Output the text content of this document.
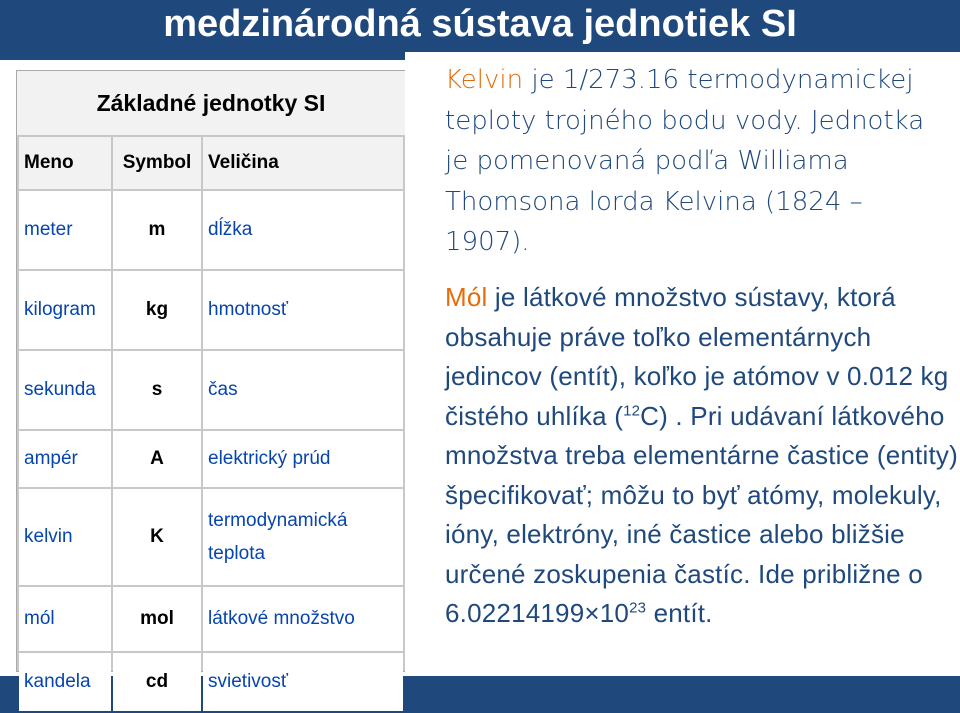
medzinárodná sústava jednotiek SI
Základné jednotky SI
Meno	Symbol	Veličina
meter	m	dĺžka
kilogram	kg	hmotnosť
sekunda	s	čas
ampér	A	elektrický prúd
kelvin	K	termodynamická teplota
mól	mol	látkové množstvo
kandela	cd	svietivosť
Kelvin je 1/273.16 termodynamickej teploty trojného bodu vody. Jednotka je pomenovaná podľa Williama Thomsona lorda Kelvina (1824 – 1907).
Mól je látkové množstvo sústavy, ktorá obsahuje práve toľko elementárnych jedincov (entít), koľko je atómov v 0.012 kg čistého uhlíka ($^{12}$C) . Pri udávaní látkového množstva treba elementárne častice (entity) špecifikovať; môžu to byť atómy, molekuly, ióny, elektróny, iné častice alebo bližšie určené zoskupenia častíc. Ide približne o $6.02214199\times 10^{23}$ entít.
